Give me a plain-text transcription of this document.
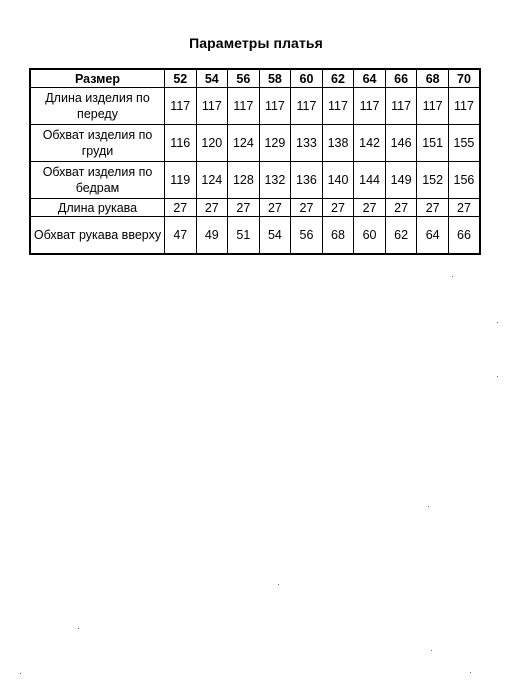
Параметры платья
Размер	52	54	56	58	60	62	64	66	68	70
Длина изделия по переду	117	117	117	117	117	117	117	117	117	117
Обхват изделия по груди	116	120	124	129	133	138	142	146	151	155
Обхват изделия по бедрам	119	124	128	132	136	140	144	149	152	156
Длина рукава	27	27	27	27	27	27	27	27	27	27
Обхват рукава вверху	47	49	51	54	56	68	60	62	64	66
